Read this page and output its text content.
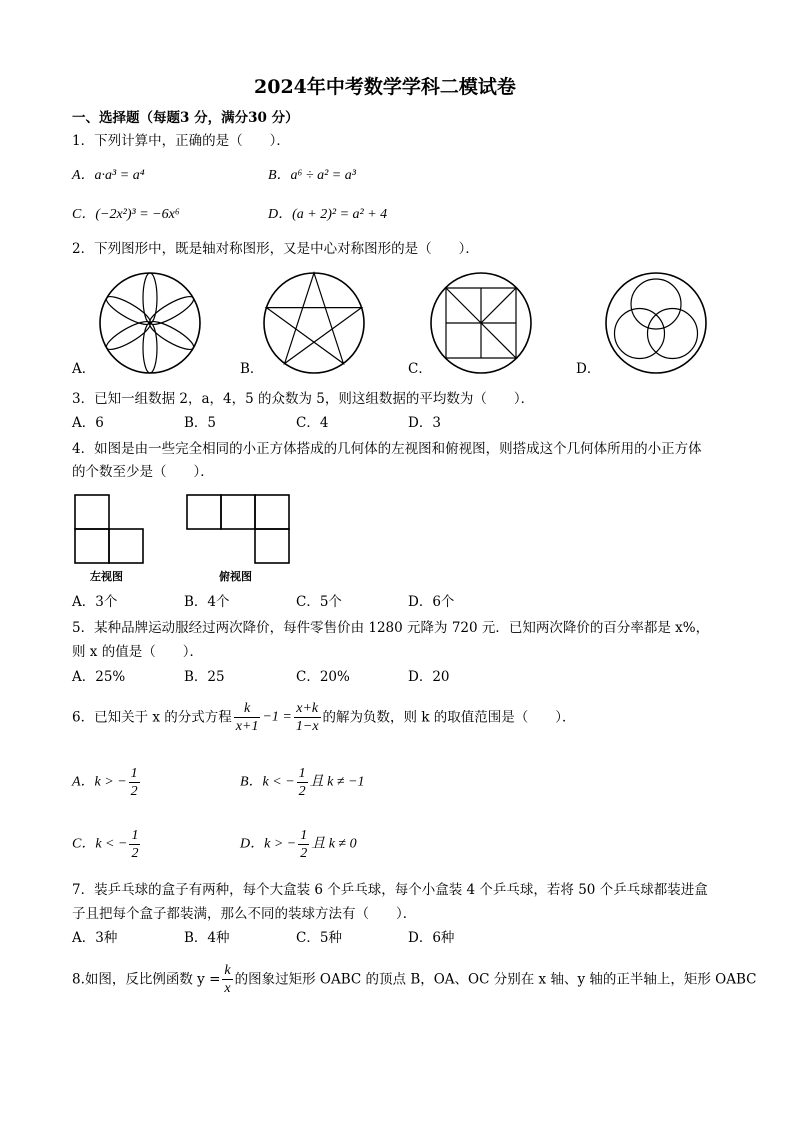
2024年中考数学学科二模试卷
一、选择题（每题3 分，满分30 分）
1．下列计算中，正确的是（　　）．
A．a·a³ = a⁴	B．a⁶ ÷ a² = a³
C．(−2x²)³ = −6x⁶	D．(a + 2)² = a² + 4
2．下列图形中，既是轴对称图形，又是中心对称图形的是（　　）．
A．	B．	C．	D．
3．已知一组数据 2，a，4，5 的众数为 5，则这组数据的平均数为（　　）．
A．6	B．5	C．4	D．3
4．如图是由一些完全相同的小正方体搭成的几何体的左视图和俯视图，则搭成这个几何体所用的小正方体
的个数至少是（　　）．
左视图	俯视图
A．3个	B．4个	C．5个	D．6个
5．某种品牌运动服经过两次降价，每件零售价由 1280 元降为 720 元．已知两次降价的百分率都是 x%，
则 x 的值是（　　）．
A．25%	B．25	C．20%	D．20
6．已知关于 x 的分式方程 $\frac{k}{x+1} -1 = \frac{x+k}{1-x}$ 的解为负数，则 k 的取值范围是（　　）．
A．k > − $\frac{1}{2}$	B．k < − $\frac{1}{2}$ 且 k ≠ −1
C．k < − $\frac{1}{2}$	D．k > − $\frac{1}{2}$ 且 k ≠ 0
7．装乒乓球的盒子有两种，每个大盒装 6 个乒乓球，每个小盒装 4 个乒乓球，若将 50 个乒乓球都装进盒
子且把每个盒子都装满，那么不同的装球方法有（　　）．
A．3种	B．4种	C．5种	D．6种
8.如图，反比例函数 $y = \frac{k}{x}$ 的图象过矩形 OABC 的顶点 B，OA、OC 分别在 x 轴、y 轴的正半轴上，矩形 OABC
